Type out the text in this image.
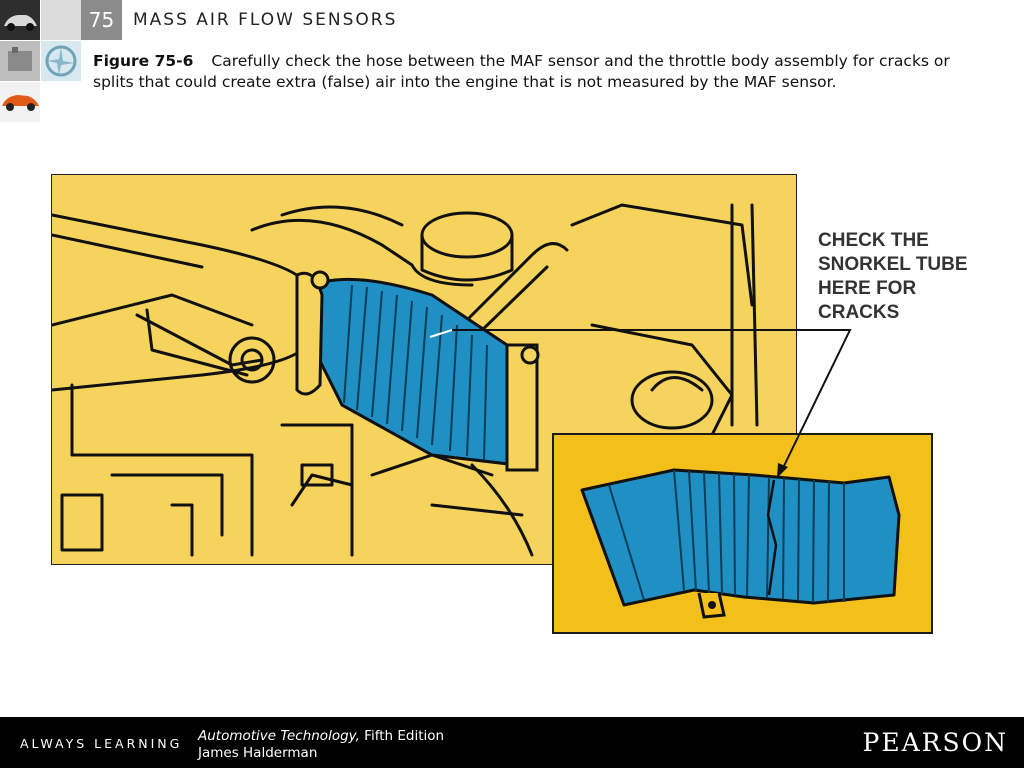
75	MASS AIR FLOW SENSORS
Figure 75-6 Carefully check the hose between the MAF sensor and the throttle body assembly for cracks or splits that could create extra (false) air into the engine that is not measured by the MAF sensor.
CHECK THE
SNORKEL TUBE
HERE FOR
CRACKS
ALWAYS LEARNING Automotive Technology, Fifth Edition
James Halderman	PEARSON
